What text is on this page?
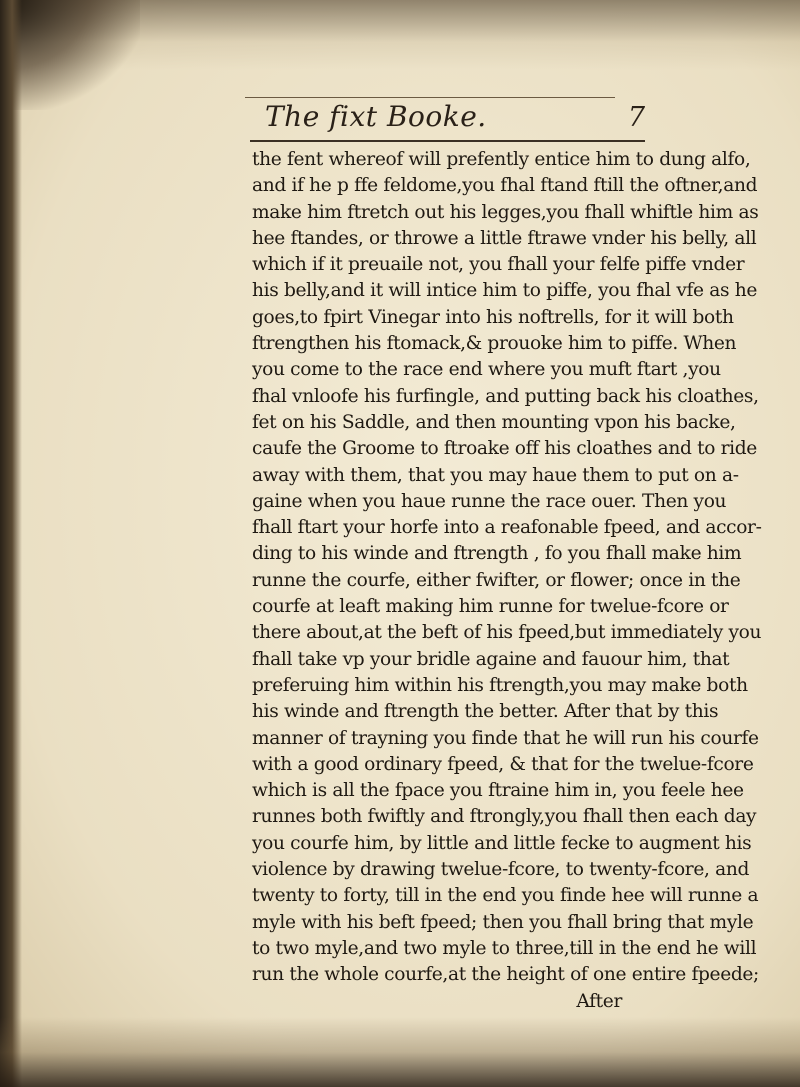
The fixt Booke.	7
the fent whereof will prefently entice him to dung alfo,
and if he p ffe feldome,you fhal ftand ftill the oftner,and
make him ftretch out his legges,you fhall whiftle him as
hee ftandes, or throwe a little ftrawe vnder his belly, all
which if it preuaile not, you fhall your felfe piffe vnder
his belly,and it will intice him to piffe, you fhal vfe as he
goes,to fpirt Vinegar into his noftrells, for it will both
ftrengthen his ftomack,& prouoke him to piffe. When
you come to the race end where you muft ftart ,you
fhal vnloofe his furfingle, and putting back his cloathes,
fet on his Saddle, and then mounting vpon his backe,
caufe the Groome to ftroake off his cloathes and to ride
away with them, that you may haue them to put on a-
gaine when you haue runne the race ouer. Then you
fhall ftart your horfe into a reafonable fpeed, and accor-
ding to his winde and ftrength , fo you fhall make him
runne the courfe, either fwifter, or flower; once in the
courfe at leaft making him runne for twelue-fcore or
there about,at the beft of his fpeed,but immediately you
fhall take vp your bridle againe and fauour him, that
preferuing him within his ftrength,you may make both
his winde and ftrength the better. After that by this
manner of trayning you finde that he will run his courfe
with a good ordinary fpeed, & that for the twelue-fcore
which is all the fpace you ftraine him in, you feele hee
runnes both fwiftly and ftrongly,you fhall then each day
you courfe him, by little and little fecke to augment his
violence by drawing twelue-fcore, to twenty-fcore, and
twenty to forty, till in the end you finde hee will runne a
myle with his beft fpeed; then you fhall bring that myle
to two myle,and two myle to three,till in the end he will
run the whole courfe,at the height of one entire fpeede;
After
